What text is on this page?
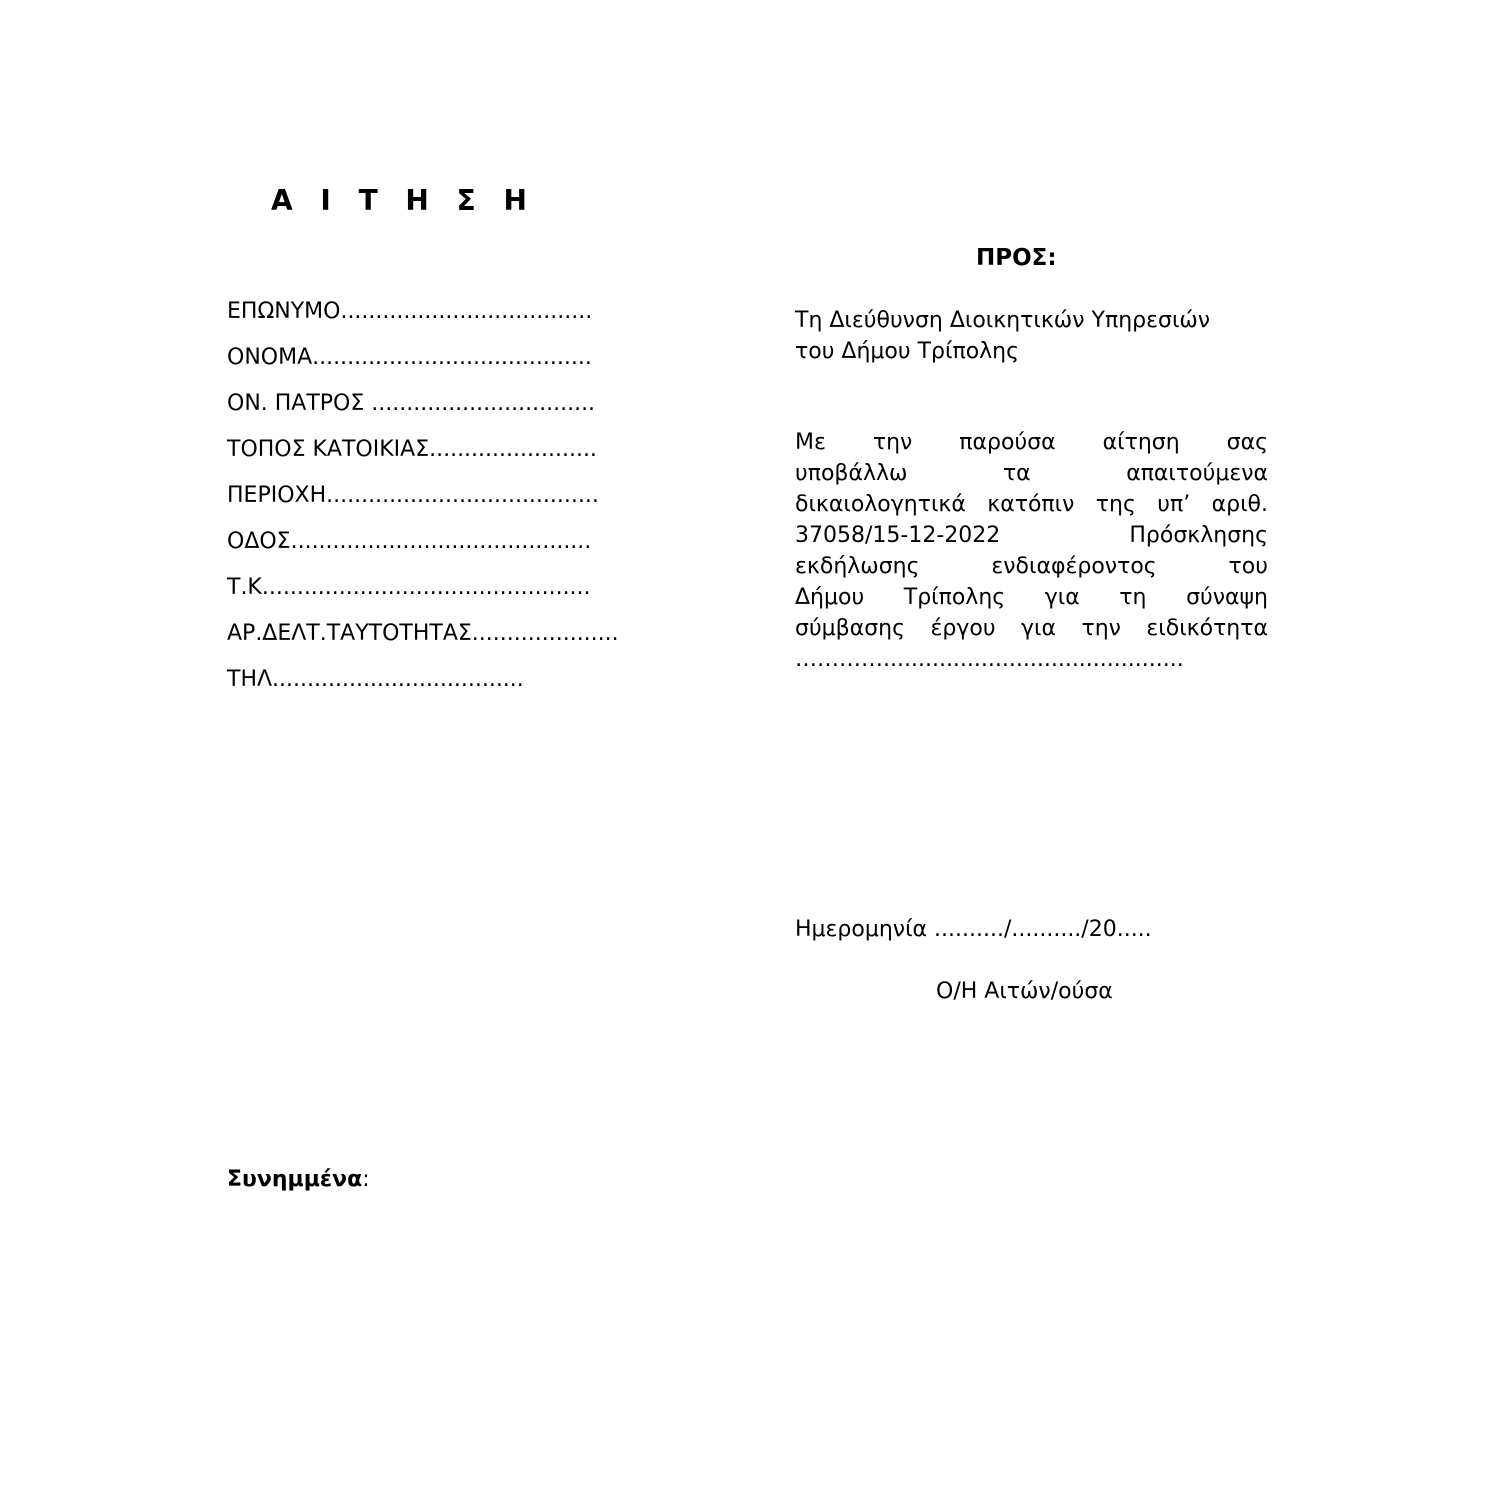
Α Ι Τ Η Σ Η
ΠΡΟΣ:
ΕΠΩΝΥΜΟ....................................
ΟΝΟΜΑ........................................
ΟΝ. ΠΑΤΡΟΣ ................................
ΤΟΠΟΣ ΚΑΤΟΙΚΙΑΣ........................
ΠΕΡΙΟΧΗ.......................................
ΟΔΟΣ...........................................
Τ.Κ...............................................
ΑΡ.ΔΕΛΤ.ΤΑΥΤΟΤΗΤΑΣ.....................
ΤΗΛ....................................
Τη Διεύθυνση Διοικητικών Υπηρεσιών
του Δήμου Τρίπολης
Με την παρούσα αίτηση σας
υποβάλλω τα απαιτούμενα
δικαιολογητικά κατόπιν της υπ’ αριθ.
37058/15-12-2022 Πρόσκλησης
εκδήλωσης ενδιαφέροντος του
Δήμου Τρίπολης για τη σύναψη
σύμβασης έργου για την ειδικότητα
…………...........................................
Ημερομηνία ........../........../20.....
Ο/Η Αιτών/ούσα
Συνημμένα:
